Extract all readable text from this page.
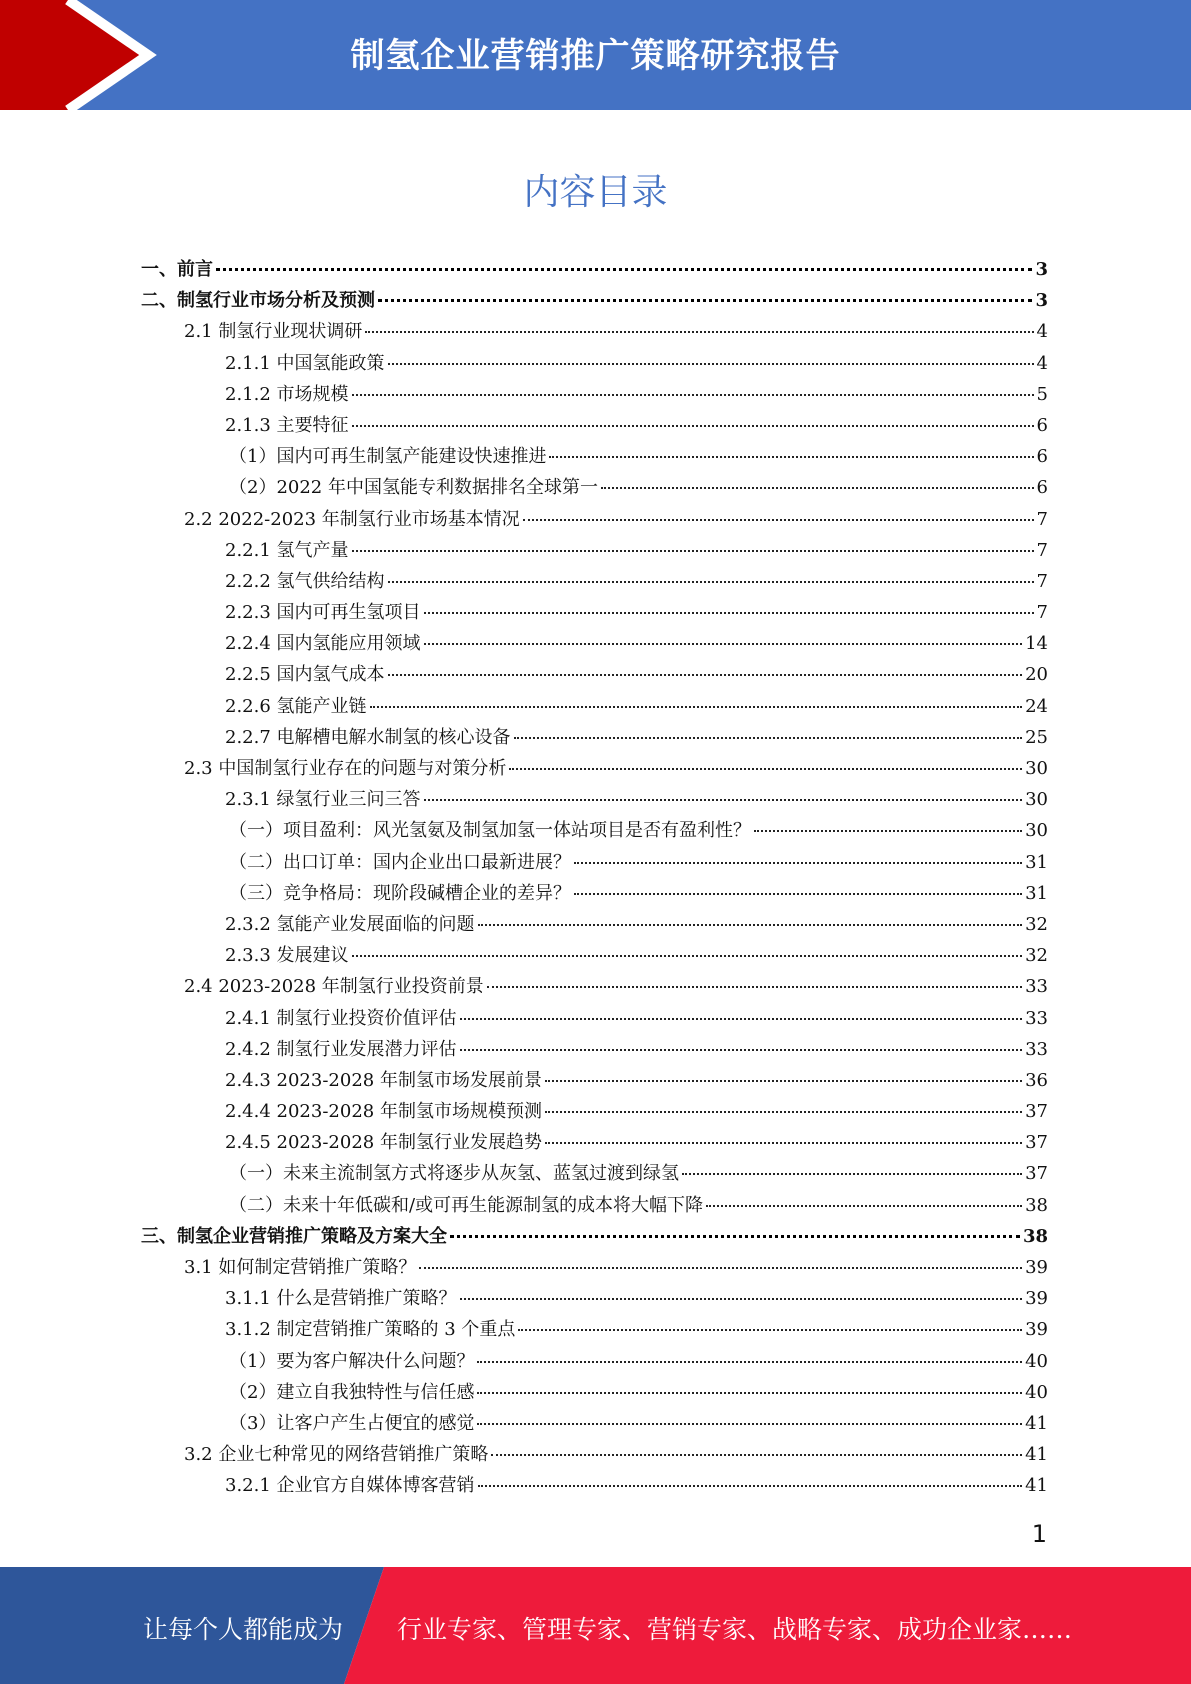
制氢企业营销推广策略研究报告
内容目录
一、前言	3
二、制氢行业市场分析及预测	3
2.1 制氢行业现状调研	4
2.1.1 中国氢能政策	4
2.1.2 市场规模	5
2.1.3 主要特征	6
（1）国内可再生制氢产能建设快速推进	6
（2）2022 年中国氢能专利数据排名全球第一	6
2.2 2022-2023 年制氢行业市场基本情况	7
2.2.1 氢气产量	7
2.2.2 氢气供给结构	7
2.2.3 国内可再生氢项目	7
2.2.4 国内氢能应用领域	14
2.2.5 国内氢气成本	20
2.2.6 氢能产业链	24
2.2.7 电解槽电解水制氢的核心设备	25
2.3 中国制氢行业存在的问题与对策分析	30
2.3.1 绿氢行业三问三答	30
（一）项目盈利：风光氢氨及制氢加氢一体站项目是否有盈利性？	30
（二）出口订单：国内企业出口最新进展？	31
（三）竞争格局：现阶段碱槽企业的差异？	31
2.3.2 氢能产业发展面临的问题	32
2.3.3 发展建议	32
2.4 2023-2028 年制氢行业投资前景	33
2.4.1 制氢行业投资价值评估	33
2.4.2 制氢行业发展潜力评估	33
2.4.3 2023-2028 年制氢市场发展前景	36
2.4.4 2023-2028 年制氢市场规模预测	37
2.4.5 2023-2028 年制氢行业发展趋势	37
（一）未来主流制氢方式将逐步从灰氢、蓝氢过渡到绿氢	37
（二）未来十年低碳和/或可再生能源制氢的成本将大幅下降	38
三、制氢企业营销推广策略及方案大全	38
3.1 如何制定营销推广策略？	39
3.1.1 什么是营销推广策略？	39
3.1.2 制定营销推广策略的 3 个重点	39
（1）要为客户解决什么问题？	40
（2）建立自我独特性与信任感	40
（3）让客户产生占便宜的感觉	41
3.2 企业七种常见的网络营销推广策略	41
3.2.1 企业官方自媒体博客营销	41
1
让每个人都能成为 行业专家、管理专家、营销专家、战略专家、成功企业家……
